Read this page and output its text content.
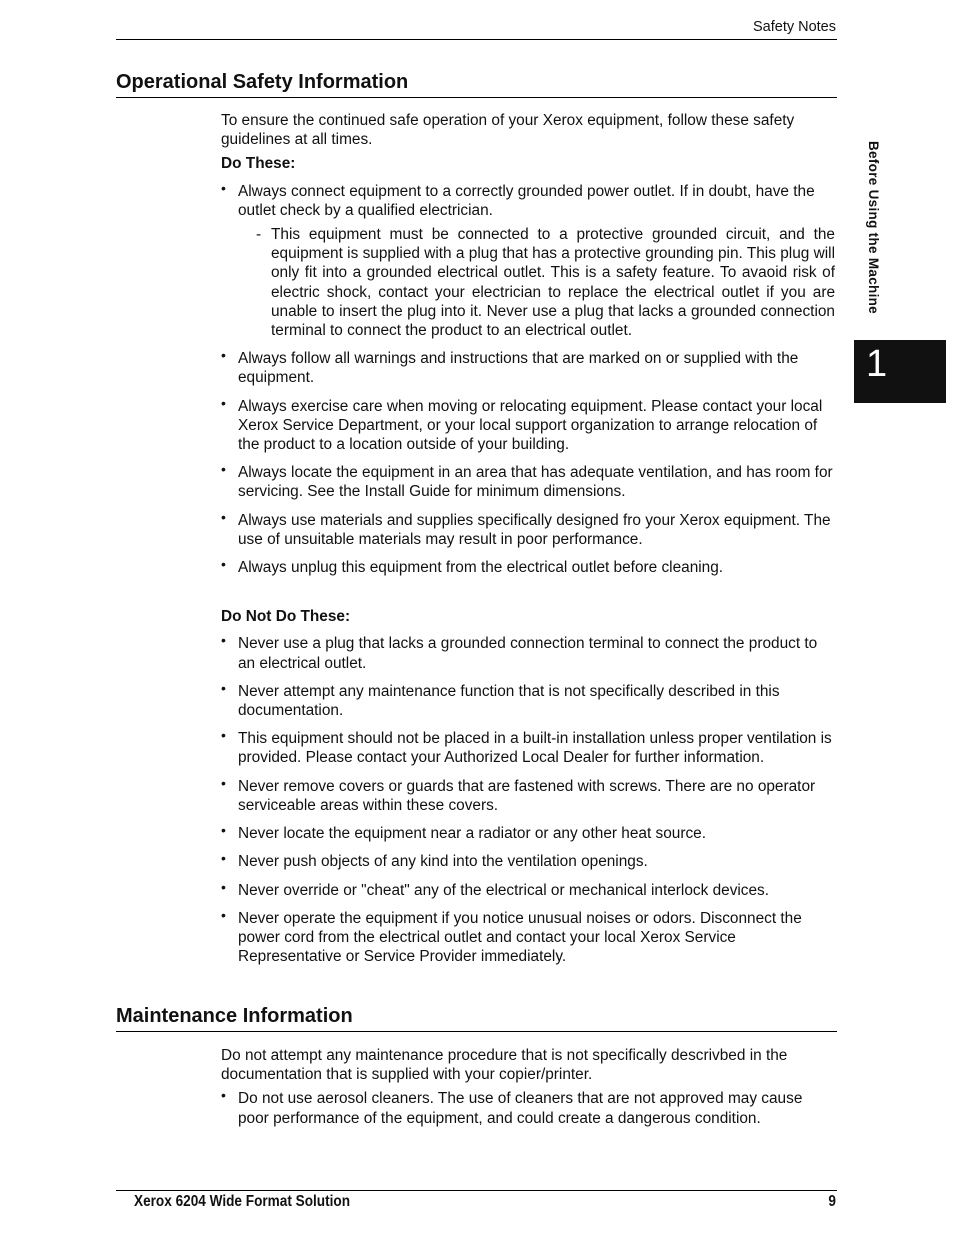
Safety Notes
Operational Safety Information

To ensure the continued safe operation of your Xerox equipment, follow these safety guidelines at all times.

Do These:

• Always connect equipment to a correctly grounded power outlet. If in doubt, have the outlet check by a qualified electrician.
- This equipment must be connected to a protective grounded circuit, and the equipment is supplied with a plug that has a protective grounding pin. This plug will only fit into a grounded electrical outlet. This is a safety feature. To avaoid risk of electric shock, contact your electrician to replace the electrical outlet if you are unable to insert the plug into it. Never use a plug that lacks a grounded connection terminal to connect the product to an electrical outlet.
• Always follow all warnings and instructions that are marked on or supplied with the equipment.
• Always exercise care when moving or relocating equipment. Please contact your local Xerox Service Department, or your local support organization to arrange relocation of the product to a location outside of your building.
• Always locate the equipment in an area that has adequate ventilation, and has room for servicing. See the Install Guide for minimum dimensions.
• Always use materials and supplies specifically designed fro your Xerox equipment. The use of unsuitable materials may result in poor performance.
• Always unplug this equipment from the electrical outlet before cleaning.

Do Not Do These:

• Never use a plug that lacks a grounded connection terminal to connect the product to an electrical outlet.
• Never attempt any maintenance function that is not specifically described in this documentation.
• This equipment should not be placed in a built-in installation unless proper ventilation is provided. Please contact your Authorized Local Dealer for further information.
• Never remove covers or guards that are fastened with screws. There are no operator serviceable areas within these covers.
• Never locate the equipment near a radiator or any other heat source.
• Never push objects of any kind into the ventilation openings.
• Never override or "cheat" any of the electrical or mechanical interlock devices.
• Never operate the equipment if you notice unusual noises or odors. Disconnect the power cord from the electrical outlet and contact your local Xerox Service Representative or Service Provider immediately.
Maintenance Information

Do not attempt any maintenance procedure that is not specifically descrivbed in the documentation that is supplied with your copier/printer.

• Do not use aerosol cleaners. The use of cleaners that are not approved may cause poor performance of the equipment, and could create a dangerous condition.
Before Using the Machine
1
Xerox 6204 Wide Format Solution	9
